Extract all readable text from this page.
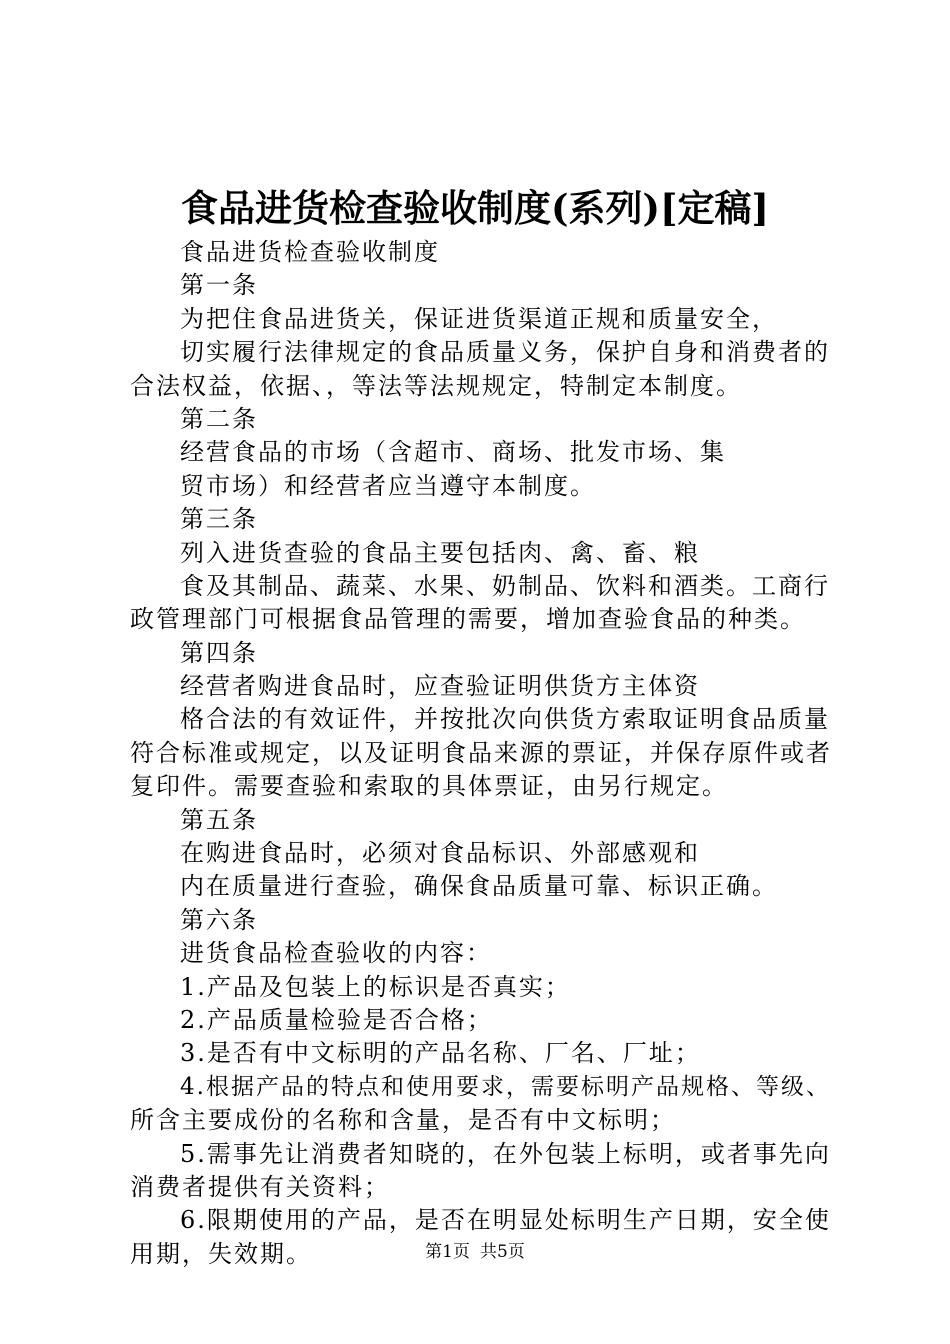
食品进货检查验收制度(系列)[定稿]
食品进货检查验收制度
第一条
为把住食品进货关，保证进货渠道正规和质量安全，
切实履行法律规定的食品质量义务，保护自身和消费者的
合法权益，依据、，等法等法规规定，特制定本制度。
第二条
经营食品的市场（含超市、商场、批发市场、集
贸市场）和经营者应当遵守本制度。
第三条
列入进货查验的食品主要包括肉、禽、畜、粮
食及其制品、蔬菜、水果、奶制品、饮料和酒类。工商行
政管理部门可根据食品管理的需要，增加查验食品的种类。
第四条
经营者购进食品时，应查验证明供货方主体资
格合法的有效证件，并按批次向供货方索取证明食品质量
符合标准或规定，以及证明食品来源的票证，并保存原件或者
复印件。需要查验和索取的具体票证，由另行规定。
第五条
在购进食品时，必须对食品标识、外部感观和
内在质量进行查验，确保食品质量可靠、标识正确。
第六条
进货食品检查验收的内容：
1.产品及包装上的标识是否真实；
2.产品质量检验是否合格；
3.是否有中文标明的产品名称、厂名、厂址；
4.根据产品的特点和使用要求，需要标明产品规格、等级、
所含主要成份的名称和含量，是否有中文标明；
5.需事先让消费者知晓的，在外包装上标明，或者事先向
消费者提供有关资料；
6.限期使用的产品，是否在明显处标明生产日期，安全使
用期，失效期。	第1页 共5页
